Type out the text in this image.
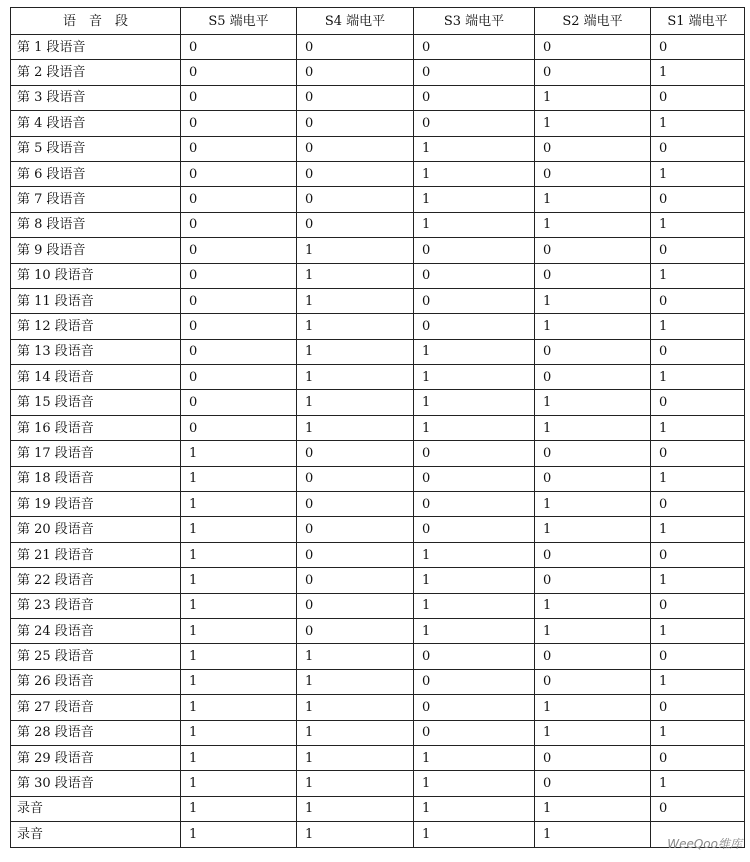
语　音　段	S5 端电平	S4 端电平	S3 端电平	S2 端电平	S1 端电平
第 1 段语音	0	0	0	0	0
第 2 段语音	0	0	0	0	1
第 3 段语音	0	0	0	1	0
第 4 段语音	0	0	0	1	1
第 5 段语音	0	0	1	0	0
第 6 段语音	0	0	1	0	1
第 7 段语音	0	0	1	1	0
第 8 段语音	0	0	1	1	1
第 9 段语音	0	1	0	0	0
第 10 段语音	0	1	0	0	1
第 11 段语音	0	1	0	1	0
第 12 段语音	0	1	0	1	1
第 13 段语音	0	1	1	0	0
第 14 段语音	0	1	1	0	1
第 15 段语音	0	1	1	1	0
第 16 段语音	0	1	1	1	1
第 17 段语音	1	0	0	0	0
第 18 段语音	1	0	0	0	1
第 19 段语音	1	0	0	1	0
第 20 段语音	1	0	0	1	1
第 21 段语音	1	0	1	0	0
第 22 段语音	1	0	1	0	1
第 23 段语音	1	0	1	1	0
第 24 段语音	1	0	1	1	1
第 25 段语音	1	1	0	0	0
第 26 段语音	1	1	0	0	1
第 27 段语音	1	1	0	1	0
第 28 段语音	1	1	0	1	1
第 29 段语音	1	1	1	0	0
第 30 段语音	1	1	1	0	1
录音	1	1	1	1	0
录音	1	1	1	1	
WeeQoo维库
